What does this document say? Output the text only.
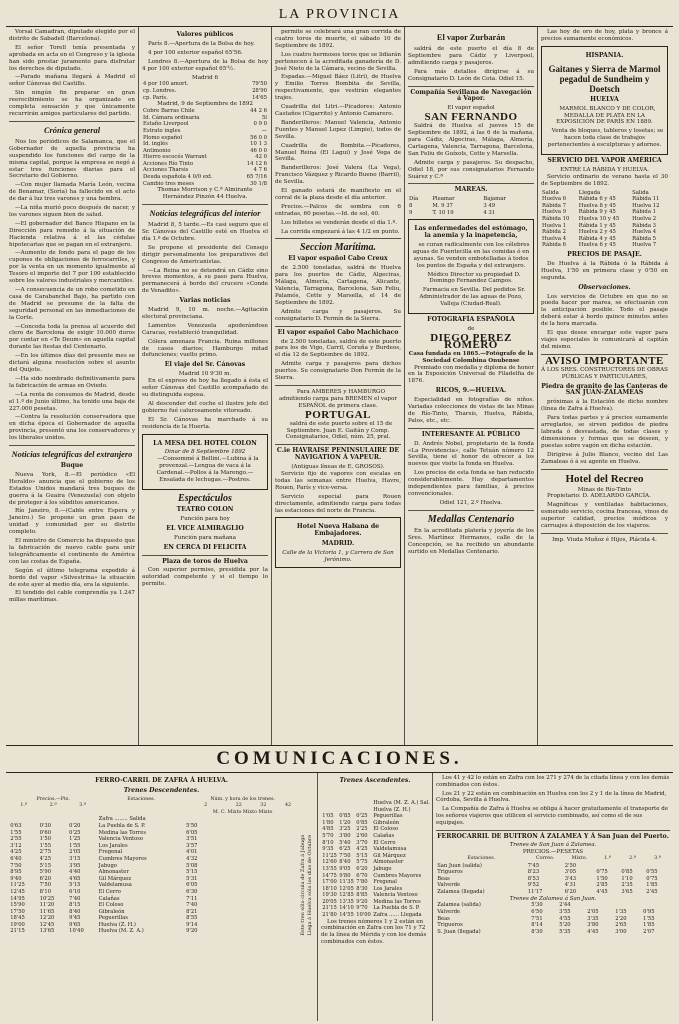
LA PROVINCIA

Vorsal Camadran, diputado elegido por el distrito de Sabadell (Barcelona).

El señor Torell tenía presentada y aprobada en acta en el Congreso y la iglesia han sido prestar juramento para disfrutar los derechos de diputado.

—Parado mañana llegará á Madrid el señor Cánovas del Castillo.

Sin ningún fin preparar en gran reerecibimiento se ha organizado en completa sensación y que únicamente recurrirán amigos particulares del partido.

Crónica general

Nos los periódicos de Salamanca, que el Gobernador de aquella provincia ha suspendido los funciones del cargo de la misma capital, porque la empresa se negó á estar tres funciones diarias para el Secretario del Gobierno.

—Con mujer llamada María León, vecina de Benamar, (Soria) ha fallecido en el acto de dar á luz tres varones y una hembra.

—La niña murió poco después de nacer, y los varones siguen bien de salud.

—El gobernador del Banco Hispano en la Dirección para remedio á la situación de Hacienda relativa á el las cédulas hipotecarias que se pagan en el extranjero.

—Aumento de fondo para el pago de los cupones de obligaciones de ferrocarriles, y por la venta en un momento igualmente al Tesoro el importe del 7 por 100 establecido sobre los valores industriales y mercantiles.

—A consecuencia de un robo cometido en casa de Carabanchel Bajo, ha partido con de Madrid se presume de la falta de seguridad personal en las inmediaciones de la Corte.

—Conceda toda la prensa al acuerdo del clero de Barcelona de exigir 10.000 duros por contar en «Te Deum» en aquella capital durante las fiestas del Centenario.

—En los últimos días del presente mes se dictará alguna resolución sobre el asunto del Quijote.

—Ha sido nombrado definitivamente para la fabricación de armas en Oviedo.

—La renta de consumos de Madrid, desde el 1.º de Junio último, ha tenido una baja de 227.000 pesetas.

—Contra la resolución conservadora que en dicha época el Gobernador de aquella provincia, presentó una los conservadores y los liberales unidos.

Noticias telegráficas del extranjero
Buque

Nueva York, 8.—El periódico «El Heraldo» anuncia que el gobierno de los Estados Unidos mandará tres buques de guerra á la Guaira (Venezuela) con objeto de proteger á los súbditos americanos.

Río Janeiro, 8.—(Cable entre Espera y Janeiro.) Se propone un gran paso de unidad y comunidad por su distrito completo.

El ministro de Comercio ha dispuesto que la fabricación de nuevo cable para unir telegráficamente el continente de América con las costas de España.

Según el último telegrama expedido á bordo del vapor «Silvestrina» la situación de este ayer al medio día, era la siguiente.

El tendido del cable comprendía ya 1.247 millas marítimas.

Valores públicos

París 8.—Apertura de la Bolsa de hoy.

4 por 100 exterior español 65'56.

Londres 8.—Apertura de la Bolsa de hoy 4 por 100 exterior español 65'½.

Madrid 6
4 por 100 amort.	79'50
cp. Londres.	28'90
cp. París.	14'65
Madrid, 9 de Septiembre de 1892
Cobre Barras Chile	44 2 6
Id. Cámara ordinaria	5l
Estaño Liverpool	0 9 0
Estrato ingles	—
Plomo español	56 0 0
Id. inglés	10 1 3
Antimonio	46 0 0
Hierro escocés Warrant	42 0
Acciones Río Tinto	14 12 6
Acciones Tharsis	4 7 6
Deuda española 4 0/0 ext.	65 7/16
Cambio tres meses	30 1/8
Thomas Morrison y C.ª Almirante Hernández Pinzón 44 Huelva.
Noticias telegráficas del interior

Madrid 8, 5 tarde.—Es casi seguro que el Sr. Cánovas del Castillo esté en Huelva el día 1.º de Octubre.

Se propone el presidente del Consejo dirigir personalmente los preparativos del Congreso de Americanistas.

—La Reina no se detendrá en Cádiz sino breves momentos, á su paso para Huelva, permanecerá á bordo del crucero «Conde de Venadito».

Varias noticias

Madrid 9, 10 m. noche.—Agitación electoral provinciana.

Lamentos Venezuela apoderándose Caracas, restableció tranquilidad.

Cólera amenaza Francia. Ruina millones de casos diarios; Hamburgo mitad defunciones; vuelto primo.

El viaje del Sr. Cánovas
Madrid 10 9'30 m.

En el expreso de hoy ha llegado á ésta el señor Cánovas del Castillo acompañado de su distinguida esposa.

Al descender del coche el ilustre jefe del gobierno fué calurosamente vitoreado.

El Sr. Cánovas ha marchado á su residencia de la Huerta.

LA MESA DEL HOTEL COLON
Dinar de 8 Septiembre 1892

—Consommé á Bellini.—Lubina á la provenzal.—Lengua de vaca á la Cardenal.—Pollos á la Marengo.—Ensalada de lechugas.—Postres.

Espectáculos
TEATRO COLON
Función para hoy
EL VICE ALMIRAGLIO
Función para mañana
EN CERCA DI FELICITA
Plaza de toros de Huelva

Con superior permiso, presidida por la autoridad competente y si el tiempo lo permite.

permite se celebrará una gran corrida de cuatro toros de muerte, el sábado 10 de Septiembre de 1892.

Los cuatro hermosos toros que se lidiarán pertenecen á la acreditada ganadería de D. José Nieto de la Cámara, vecino de Sevilla.

Espadas.—Miguel Báez (Litri), de Huelva y Emilio Torres Bombita de Sevilla, respectivamente, que vestirán elegantes trajes.

Cuadrilla del Litri.—Picadores: Antonio Castaños (Cigarrito) y Antonio Camarero.

Banderilleros: Manuel Valencia, Antonio Fuentes y Manuel Lopez (Limpio), todos de Sevilla.

Cuadrilla de Bombita.—Picadores, Manuel Reina (El Lagui) y José Vega de Sevilla.

Banderilleros: José Valera (La Vega), Francisco Vázquez y Ricardo Bueno (Barril), de Sevilla.

El ganado estará de manifiesto en el corral de la plaza desde el día anterior.

Precios.—Palcos de sombra con 6 entradas, 60 pesetas.—Id. de sol, 40.

Los billetes se venderán desde el día 1.º.

La corrida empezará á las 4 1/2 en punto.

Seccion Marítima.
El vapor español Cabo Creux

de 2.500 toneladas, saldrá de Huelva para los puertos de Cádiz, Algeciras, Málaga, Almería, Cartagena, Alicante, Valencia, Tarragona, Barcelona, San Feliu, Palamós, Cette y Marsella, el 14 de Septiembre de 1892.

Admite carga y pasajeros. Su consignatario D. Fermín de la Sierra.

El vapor español Cabo Machichaco

de 2.500 toneladas, saldrá de este puerto para los de Vigo, Carril, Coruña y Burdeos, el día 12 de Septiembre de 1892.

Admite carga y pasajeros para dichos puertos. Su consignatario Don Fermín de la Sierra.

Para AMBERES y HAMBURGO admitiendo carga para BREMEN el vapor ESPAÑOL de primera clase.

PORTUGAL

saldrá de este puerto sobre el 15 de Septiembre. Juan E. Gaitán y Comp. Consignatarios, Odiel, núm. 25, pral.

C.ie HAVRAISE PENINSULAIRE DE NAVIGATION Á VAPEUR.
(Antiguas líneas de E. GROSOS).

Servicio fijo de vapores con escalas en todas las semanas entre Huelva, Havre, Rouen, París y vice-versa.

Servicio especial para Rouen directamente, admitiendo carga para todas las estaciones del norte de Francia.

Hotel Nueva Habana de Embajadores.
MADRID.
Calle de la Victoria 1, y Carrera de San Jerónimo.
El vapor Zurbarán

saldrá de este puerto el día 8 de Septiembre para Cádiz y Liverpool, admitiendo carga y pasajeros.

Para más detalles dirigirse á su Consignatario D. León de Cota. Odiel 15.

Compañía Sevillana de Navegación á Vapor.
El vapor español
SAN FERNANDO

Saldrá de Huelva el jueves 15 de Septiembre de 1892, á las 6 de la mañana, para Cádiz, Algeciras, Málaga, Almería, Cartagena, Valencia, Tarragona, Barcelona, San Feliu de Guíxols, Cette y Marsella.

Admite carga y pasajeros. Su despacho, Odiel 18, por sus consignatarios Fernando Suárez y C.ª

MAREAS.
Día	Pleamar	Bajamar
8	M. 9 37	3 49
9	T. 10 19	4 31
Las enfermedades del estómago, la anemia y la inapetencia,

se curan radicalmente con los célebres aguas de Fuentecilla en las comidas ó en ayunas. Se venden embotelladas á todos los puntos de España y del extranjero.

Médico Director su propiedad D. Domingo Fernandez Campos.

Farmacia en Sevilla. Del pedidos Sr. Administrador de las aguas de Pozo, Valleja (Ciudad-Real).

FOTOGRAFÍA ESPAÑOLA
de
DIEGO PEREZ ROMERO
Casa fundada en 1865.—Fotógrafo de la Sociedad Colombina Onubense

Premiado con medalla y diploma de honor en la Exposición Universal de Filadelfia de 1876.

RICOS, 9.—HUELVA.

Especialidad en fotografías de niños. Variadas colecciones de vistas de las Minas de Río-Tinto, Tharsis, Huelva, Rábida, Palos, etc., etc.

INTERESANTE AL PÚBLICO

D. Andrés Nobel, propietario de la fonda «La Providencia», calle Tetuán número 12 Sevilla, tiene el honor de ofrecer á los nuevos que visite la fonda en Huelva.

Los precios de esta fonda se han reducido considerablemente. Hay departamentos independientes para familias, á precios convencionales.

Odiel 121, 2.º Huelva.
Medallas Centenario

En la acreditada platería y joyería de los Sres. Martínez Hermanos, calle de la Concepción, se ha recibido un abundante surtido en Medallas Centenario.

Las hoy de oro de hoy, plata y bronce á precios sumamente económicos.

HISPANIA.
Gaitanes y Sierra de Marmol pegadul de Sundheim y Doetsch
HUELVA

MARMOL BLANCO Y DE COLOR, MEDALLA DE PLATA EN LA EXPOSICIÓN DE PARÍS EN 1889.

Venta de bloques, tableros y losetas; se hacen toda clase de trabajos pertenecientes á esculpturas y adornos.

SERVICIO DEL VAPOR AMÉRICA
ENTRE LA RÁBIDA Y HUELVA.

Servicio ordinario de verano hasta el 30 de Septiembre de 1892.

Salida	Llegada	Salida
Huelva 6	Rábida 6 y 45	Rábida 11
Rábida 7	Huelva 8 y 45	Huelva 12
Huelva 9	Rábida 9 y 45	Rábida 1
Rábida 10	Huelva 10 y 45	Huelva 2
Huelva 1	Rábida 1 y 45	Rábida 3
Rábida 2	Huelva 2 y 45	Huelva 4
Huelva 4	Rábida 4 y 45	Rábida 5
Rábida 6	Huelva 6 y 45	Huelva 7
PRECIOS DE PASAJE.

De Huelva á la Rábida ó la Rábida á Huelva, 1'50 en primera clase y 0'50 en segunda.

Observaciones.

Los servicios de Octubre en que no se pueda hacer por marea, se efectuarán con la anticipación posible. Todo el pasaje deberá estar á bordo quince minutos antes de la hora marcada.

El que desee encargar este vapor para viajes especiales lo comunicará al capitán del mismo.

AVISO IMPORTANTE
Á LOS SRES. CONSTRUCTORES DE OBRAS PÚBLICAS Y PARTICULARES,
Piedra de granito de las Canteras de SAN JUAN-ZALAMEAS

próximas á la Estación de dicho nombre (línea de Zafra á Huelva).

Para todas partes y á precios sumamente arreglados, se sirven pedidos de piedra labrada ó desvastada, de todas clases y dimensiones y formas que se deseen, y puestas sobre vagón en dicha estación.

Dirigirse á Julio Blanco, vecino del Las Zamaleas ó á su agente en Huelva.

Hotel del Recreo
Minas de Río-Tinto

Propietario: D. ADELARDO GARCÍA.

Magníficas y ventiladas habitaciones, esmerado servicio, cocina francesa, vinos de superior calidad, precios módicos y carruajes á disposición de los viajeros.

Imp. Viuda Muñoz é Hijos, Plácida 4.
COMUNICACIONES.
FERRO-CARRIL DE ZAFRA Á HUELVA.
Trenes Descendentes.
Precios.—Pts.			Estaciones.	Núm. y hora de los trenes.			
1.ª	2.ª	3.ª		2	22	32	42
				M. C. Mixto Mixto Mixto			
			Zafra ........ Salida				
0'63	0'30	0'20	La Puebla de S. P.	5'50			
1'55	0'60	0'25	Medina las Torres	6'05			
2'55	1'50	1'25	Valencia Ventoso	3'51			
3'12	1'55	1'55	Los Jarales	3'57			
4'25	2'75	2'05	Fregenal	4'01			
6'40	4'25	3'15	Cumbres Mayores	4'32			
7'50	5'15	3'95	Jabugo	5'08			
8'95	5'90	4'40	Almonaster	5'15			
9'40	6'20	4'65	Gil Márquez	5'31			
11'25	7'50	5'15	Valdelamusa	6'05			
12'45	8'10	6'10	El Cerro	6'30			
14'95	10'25	7'40	Calañas	7'11			
15'90	11'20	8'15	El Coloso	7'40			
17'50	11'65	8'40	Gibraleón	8'21			
18'45	12'20	9'45	Peguerillas	8'55			
19'00	12'45	9'65	Huelva (Z. H.)	9'14			
21'15	13'65	10'40	Huelva (M. Z. A.)	9'20				Este tren sólo circula de Zafra á Jabugo Llega á Huelva sólo los días de Octubre
Trenes Ascendentes.

			Huelva (M. Z. A.) Sal.			
			Huelva (Z. H.)			
1'05	0'85	0'25	Peguerillas			
1'80	1'20	0'85	Gibraleón			
4'85	3'25	2'25	El Coloso			
5'70	3'80	2'60	Calañas			
8'10	5'40	3'70	El Cerro			
9'35	6'25	4'25	Valdelamusa			
11'25	7'50	5'15	Gil Márquez			
12'60	8'40	5'75	Almonaster			
13'55	9'05	6'20	Jabugo			
14'75	9'80	6'70	Cumbres Mayores			
17'00	11'35	7'80	Fregenal			
18'10	12'05	8'30	Los Jarales			
19'30	12'85	8'85	Valencia Ventoso			
20'05	13'35	9'20	Medina las Torres			
21'15	14'10	9'70	La Puebla de S. P.			
21'80	14'55	10'00	Zafra ...... Llegada			

Los trenes números 1 y 2 están en combinación en Zafra con los 71 y 72 de la línea de Mérida y con los demás combinados con éstos.

Los 41 y 42 lo están en Zafra con los 271 y 274 de la citada línea y con los demás combinados con éstos.

Los 21 y 22 están en combinación en Huelva con los 2 y 1 de la línea de Madrid, Córdoba, Sevilla á Huelva.

La Compañía de Zafra á Huelva se obliga á hacer gratuitamente el transporte de los señores viajeros que utilicen el servicio combinado, así como el de sus equipajes.

FERROCARRIL DE BUITRON Á ZALAMEA Y Á San Juan del Puerto.
Trenes de San Juan á Zalamea.
PRECIOS.—PESETAS
Estaciones.	Correo.	Mixto.	1.ª	2.ª	3.ª
San Juan (salida)	7'45	2'50			
Trigueros	8'23	3'05	0'75	0'85	0'55
Beas	8'53	3'43	1'50	1'10	0'75
Valverde	9'52	4'31	2'85	2'35	1'85
Zalamea (llegada)	11'17	6'20	4'45	3'65	2'45
Trenes de Zalamea á San Juan.
Zalamea (salida)	5'30	2'44			
Valverde	6'50	3'55	2'05	1'35	0'95
Beas	7'51	4'55	3'35	2'20	1'55
Trigueros	8'14	5'20	3'80	2'65	1'85
S. Juan (llegada)	8'30	5'35	4'45	3'00	2'07
